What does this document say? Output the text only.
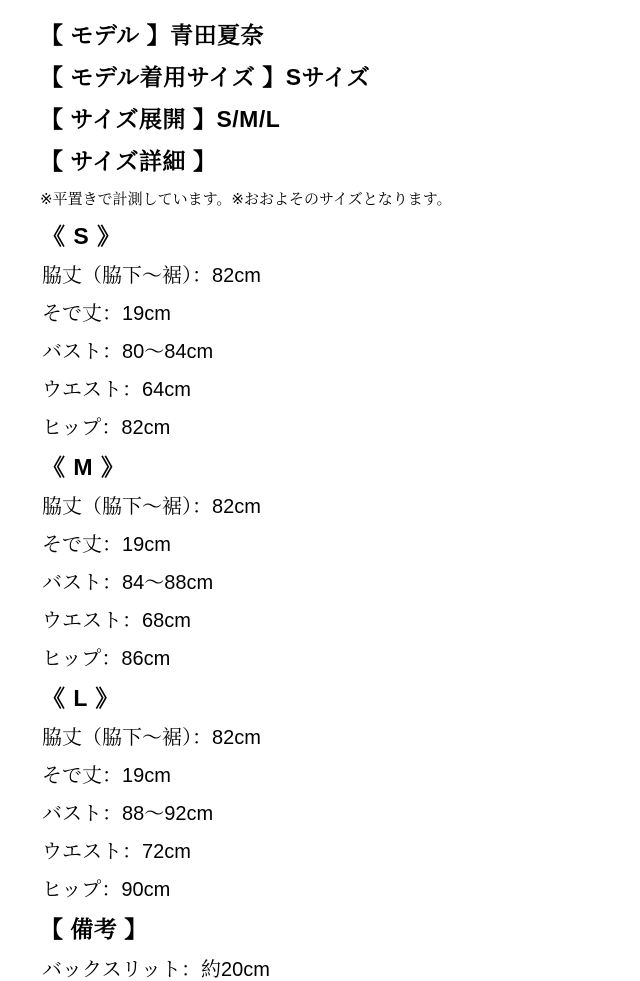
【 モデル 】青田夏奈
【 モデル着用サイズ 】Sサイズ
【 サイズ展開 】S/M/L
【 サイズ詳細 】
※平置きで計測しています。※おおよそのサイズとなります。
《 S 》
脇丈（脇下〜裾）：82cm
そで丈：19cm
バスト：80〜84cm
ウエスト：64cm
ヒップ：82cm
《 M 》
脇丈（脇下〜裾）：82cm
そで丈：19cm
バスト：84〜88cm
ウエスト：68cm
ヒップ：86cm
《 L 》
脇丈（脇下〜裾）：82cm
そで丈：19cm
バスト：88〜92cm
ウエスト：72cm
ヒップ：90cm
【 備考 】
バックスリット：約20cm
